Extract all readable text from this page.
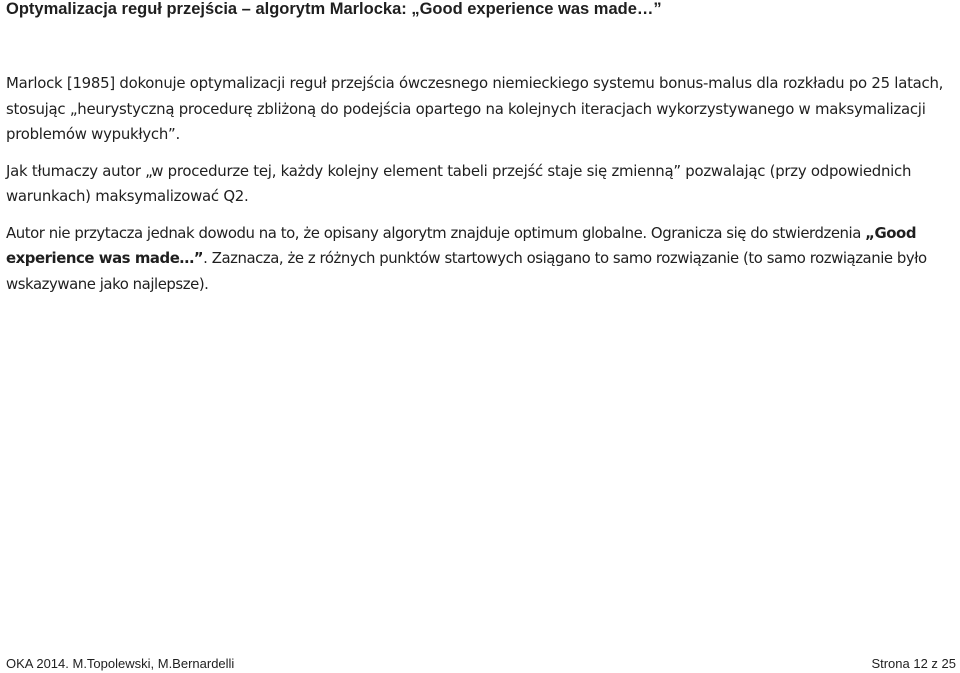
Optymalizacja reguł przejścia – algorytm Marlocka: „Good experience was made…”

Marlock [1985] dokonuje optymalizacji reguł przejścia ówczesnego niemieckiego systemu bonus-malus dla rozkładu po 25 latach, stosując „heurystyczną procedurę zbliżoną do podejścia opartego na kolejnych iteracjach wykorzystywanego w maksymalizacji problemów wypukłych”.

Jak tłumaczy autor „w procedurze tej, każdy kolejny element tabeli przejść staje się zmienną” pozwalając (przy odpowiednich warunkach) maksymalizować Q2.

Autor nie przytacza jednak dowodu na to, że opisany algorytm znajduje optimum globalne. Ogranicza się do stwierdzenia „Good experience was made…”. Zaznacza, że z różnych punktów startowych osiągano to samo rozwiązanie (to samo rozwiązanie było wskazywane jako najlepsze).

OKA 2014. M.Topolewski, M.Bernardelli	Strona 12 z 25
